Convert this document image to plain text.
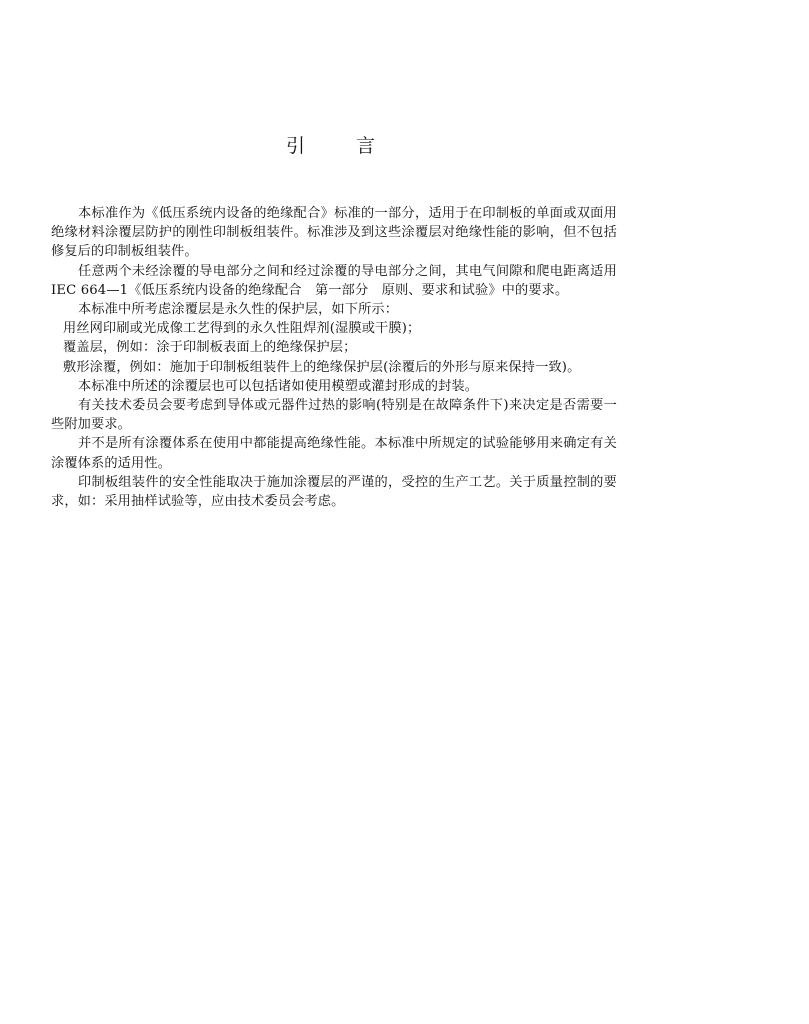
引	言

本标准作为《低压系统内设备的绝缘配合》标准的一部分，适用于在印制板的单面或双面用绝缘材料涂覆层防护的刚性印制板组装件。标准涉及到这些涂覆层对绝缘性能的影响，但不包括修复后的印制板组装件。

任意两个未经涂覆的导电部分之间和经过涂覆的导电部分之间，其电气间隙和爬电距离适用 IEC 664—1《低压系统内设备的绝缘配合　第一部分　原则、要求和试验》中的要求。

本标准中所考虑涂覆层是永久性的保护层，如下所示：

用丝网印刷或光成像工艺得到的永久性阻焊剂(湿膜或干膜)；

覆盖层，例如：涂于印制板表面上的绝缘保护层；

敷形涂覆，例如：施加于印制板组装件上的绝缘保护层(涂覆后的外形与原来保持一致)。

本标准中所述的涂覆层也可以包括诸如使用模塑或灌封形成的封装。

有关技术委员会要考虑到导体或元器件过热的影响(特别是在故障条件下)来决定是否需要一些附加要求。

并不是所有涂覆体系在使用中都能提高绝缘性能。本标准中所规定的试验能够用来确定有关涂覆体系的适用性。

印制板组装件的安全性能取决于施加涂覆层的严谨的，受控的生产工艺。关于质量控制的要求，如：采用抽样试验等，应由技术委员会考虑。
